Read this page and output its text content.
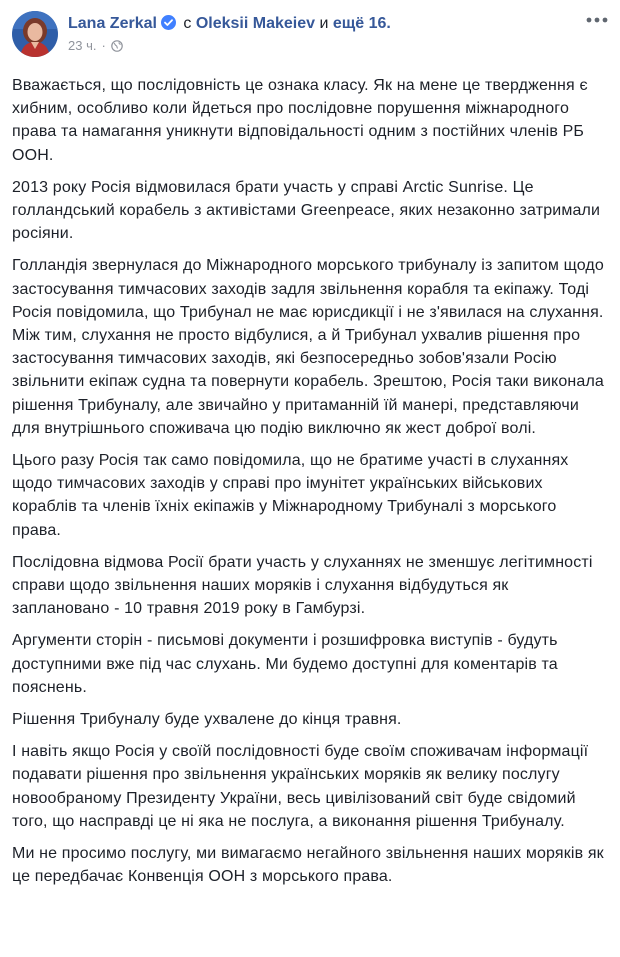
Lana Zerkal с Oleksii Makeiev и ещё 16.
23 ч. ·

Вважається, що послідовність це ознака класу. Як на мене це твердження є хибним, особливо коли йдеться про послідовне порушення міжнародного права та намагання уникнути відповідальності одним з постійних членів РБ ООН.

2013 року Росія відмовилася брати участь у справі Arctic Sunrise. Це голландський корабель з активістами Greenpeace, яких незаконно затримали росіяни.

Голландія звернулася до Міжнародного морського трибуналу із запитом щодо застосування тимчасових заходів задля звільнення корабля та екіпажу. Тоді Росія повідомила, що Трибунал не має юрисдикції і не з'явилася на слухання. Між тим, слухання не просто відбулися, а й Трибунал ухвалив рішення про застосування тимчасових заходів, які безпосередньо зобов'язали Росію звільнити екіпаж судна та повернути корабель. Зрештою, Росія таки виконала рішення Трибуналу, але звичайно у притаманній їй манері, представляючи для внутрішнього споживача цю подію виключно як жест доброї волі.

Цього разу Росія так само повідомила, що не братиме участі в слуханнях щодо тимчасових заходів у справі про імунітет українських військових кораблів та членів їхніх екіпажів у Міжнародному Трибуналі з морського права.

Послідовна відмова Росії брати участь у слуханнях не зменшує легітимності справи щодо звільнення наших моряків і слухання відбудуться як заплановано - 10 травня 2019 року в Гамбурзі.

Аргументи сторін - письмові документи і розшифровка виступів - будуть доступними вже під час слухань. Ми будемо доступні для коментарів та пояснень.

Рішення Трибуналу буде ухвалене до кінця травня.

І навіть якщо Росія у своїй послідовності буде своїм споживачам інформації подавати рішення про звільнення українських моряків як велику послугу новообраному Президенту України, весь цивілізований світ буде свідомий того, що насправді це ні яка не послуга, а виконання рішення Трибуналу.

Ми не просимо послугу, ми вимагаємо негайного звільнення наших моряків як це передбачає Конвенція ООН з морського права.
